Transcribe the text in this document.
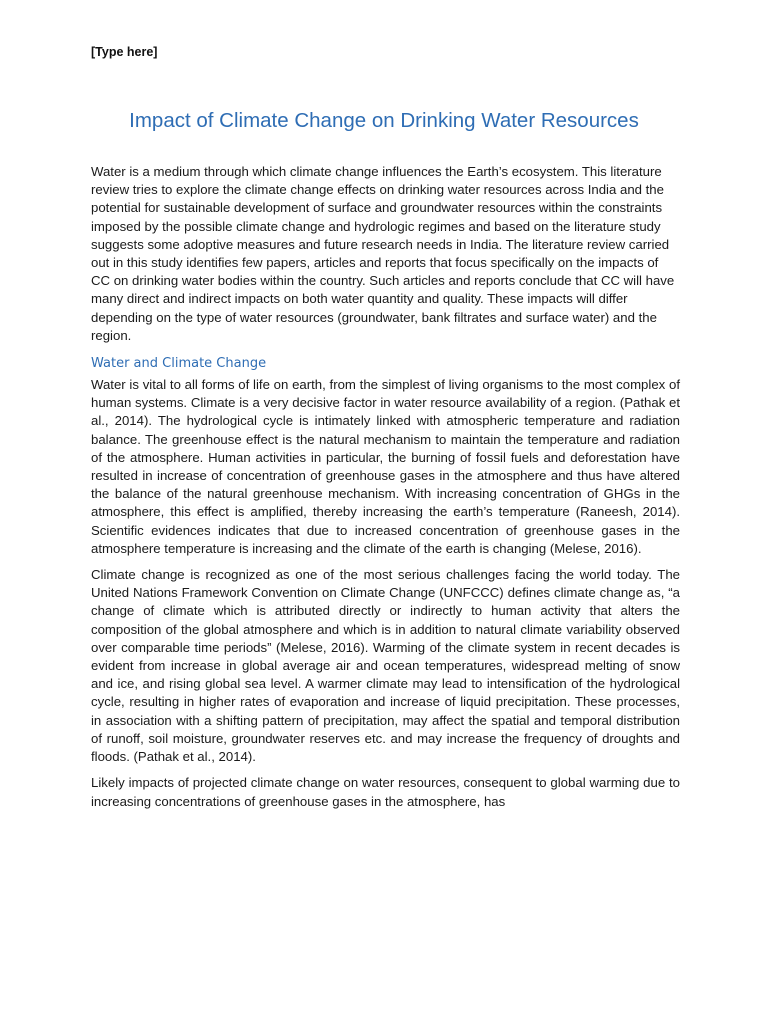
[Type here]
Impact of Climate Change on Drinking Water Resources

Water is a medium through which climate change influences the Earth’s ecosystem. This literature review tries to explore the climate change effects on drinking water resources across India and the potential for sustainable development of surface and groundwater resources within the constraints imposed by the possible climate change and hydrologic regimes and based on the literature study suggests some adoptive measures and future research needs in India. The literature review carried out in this study identifies few papers, articles and reports that focus specifically on the impacts of CC on drinking water bodies within the country. Such articles and reports conclude that CC will have many direct and indirect impacts on both water quantity and quality. These impacts will differ depending on the type of water resources (groundwater, bank filtrates and surface water) and the region.

Water and Climate Change

Water is vital to all forms of life on earth, from the simplest of living organisms to the most complex of human systems. Climate is a very decisive factor in water resource availability of a region. (Pathak et al., 2014). The hydrological cycle is intimately linked with atmospheric temperature and radiation balance. The greenhouse effect is the natural mechanism to maintain the temperature and radiation of the atmosphere. Human activities in particular, the burning of fossil fuels and deforestation have resulted in increase of concentration of greenhouse gases in the atmosphere and thus have altered the balance of the natural greenhouse mechanism. With increasing concentration of GHGs in the atmosphere, this effect is amplified, thereby increasing the earth’s temperature (Raneesh, 2014). Scientific evidences indicates that due to increased concentration of greenhouse gases in the atmosphere temperature is increasing and the climate of the earth is changing (Melese, 2016).

Climate change is recognized as one of the most serious challenges facing the world today. The United Nations Framework Convention on Climate Change (UNFCCC) defines climate change as, “a change of climate which is attributed directly or indirectly to human activity that alters the composition of the global atmosphere and which is in addition to natural climate variability observed over comparable time periods” (Melese, 2016). Warming of the climate system in recent decades is evident from increase in global average air and ocean temperatures, widespread melting of snow and ice, and rising global sea level. A warmer climate may lead to intensification of the hydrological cycle, resulting in higher rates of evaporation and increase of liquid precipitation. These processes, in association with a shifting pattern of precipitation, may affect the spatial and temporal distribution of runoff, soil moisture, groundwater reserves etc. and may increase the frequency of droughts and floods. (Pathak et al., 2014).

Likely impacts of projected climate change on water resources, consequent to global warming due to increasing concentrations of greenhouse gases in the atmosphere, has
